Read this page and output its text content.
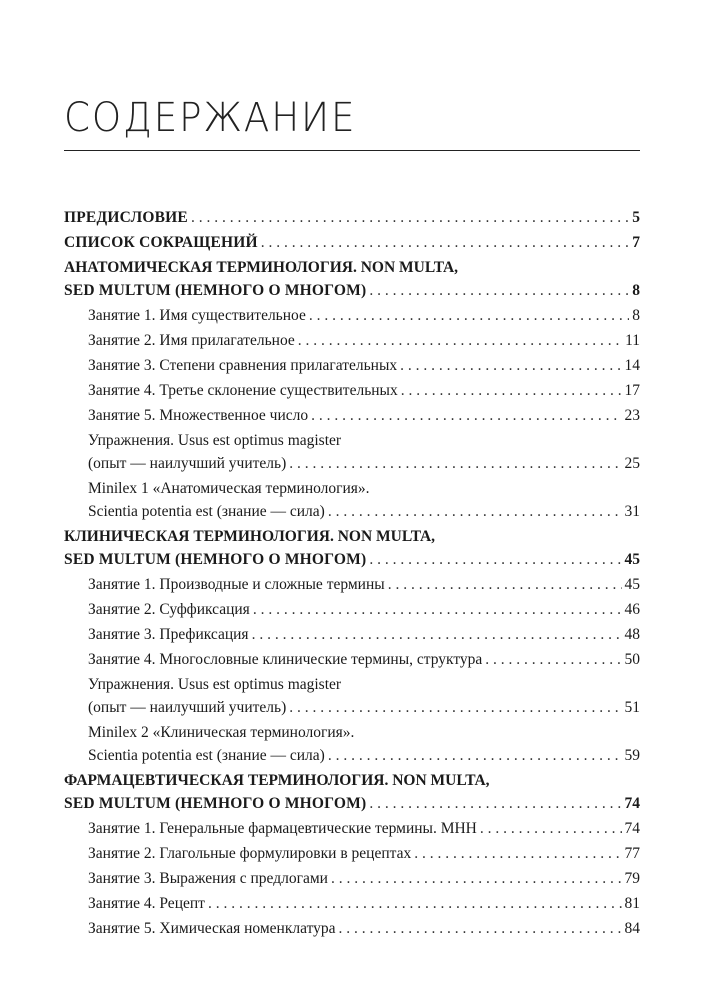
СОДЕРЖАНИЕ
ПРЕДИСЛОВИЕ . . .	5
СПИСОК СОКРАЩЕНИЙ . . .	7
АНАТОМИЧЕСКАЯ ТЕРМИНОЛОГИЯ. NON MULTA,
SED MULTUM (НЕМНОГО О МНОГОМ) . . .	8
Занятие 1. Имя существительное . . .	8
Занятие 2. Имя прилагательное . . .	11
Занятие 3. Степени сравнения прилагательных . . .	14
Занятие 4. Третье склонение существительных . . .	17
Занятие 5. Множественное число . . .	23
Упражнения. Usus est optimus magister
(опыт — наилучший учитель) . . .	25
Minilex 1 «Анатомическая терминология».
Scientia potentia est (знание — сила) . . .	31
КЛИНИЧЕСКАЯ ТЕРМИНОЛОГИЯ. NON MULTA,
SED MULTUM (НЕМНОГО О МНОГОМ) . . .	45
Занятие 1. Производные и сложные термины . . .	45
Занятие 2. Суффиксация . . .	46
Занятие 3. Префиксация . . .	48
Занятие 4. Многословные клинические термины, структура . . .	50
Упражнения. Usus est optimus magister
(опыт — наилучший учитель) . . .	51
Minilex 2 «Клиническая терминология».
Scientia potentia est (знание — сила) . . .	59
ФАРМАЦЕВТИЧЕСКАЯ ТЕРМИНОЛОГИЯ. NON MULTA,
SED MULTUM (НЕМНОГО О МНОГОМ) . . .	74
Занятие 1. Генеральные фармацевтические термины. МНН . . .	74
Занятие 2. Глагольные формулировки в рецептах . . .	77
Занятие 3. Выражения с предлогами . . .	79
Занятие 4. Рецепт . . .	81
Занятие 5. Химическая номенклатура . . .	84
